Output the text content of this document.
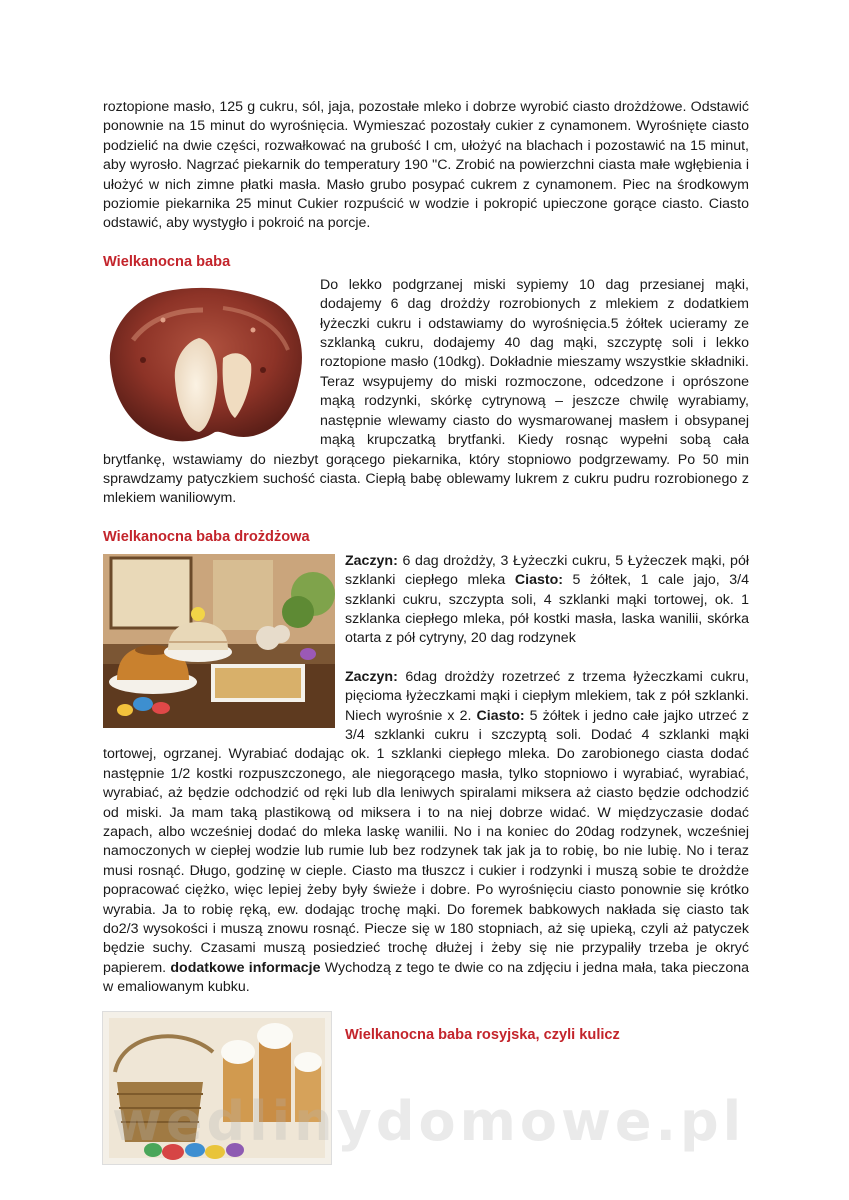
roztopione masło, 125 g cukru, sól, jaja, pozostałe mleko i dobrze wyrobić ciasto drożdżowe. Odstawić ponownie na 15 minut do wyrośnięcia. Wymieszać pozostały cukier z cynamonem. Wyrośnięte ciasto podzielić na dwie części, rozwałkować na grubość I cm, ułożyć na blachach i pozostawić na 15 minut, aby wyrosło. Nagrzać piekarnik do temperatury 190 "C. Zrobić na powierzchni ciasta małe wgłębienia i ułożyć w nich zimne płatki masła. Masło grubo posypać cukrem z cynamonem. Piec na środkowym poziomie piekarnika 25 minut Cukier rozpuścić w wodzie i pokropić upieczone gorące ciasto. Ciasto odstawić, aby wystygło i pokroić na porcje.

Wielkanocna baba

Do lekko podgrzanej miski sypiemy 10 dag przesianej mąki, dodajemy 6 dag drożdży rozrobionych z mlekiem z dodatkiem łyżeczki cukru i odstawiamy do wyrośnięcia.5 żółtek ucieramy ze szklanką cukru, dodajemy 40 dag mąki, szczyptę soli i lekko roztopione masło (10dkg). Dokładnie mieszamy wszystkie składniki. Teraz wsypujemy do miski rozmoczone, odcedzone i oprószone mąką rodzynki, skórkę cytrynową – jeszcze chwilę wyrabiamy, następnie wlewamy ciasto do wysmarowanej masłem i obsypanej mąką krupczatką brytfanki. Kiedy rosnąc wypełni sobą cała brytfankę, wstawiamy do niezbyt gorącego piekarnika, który stopniowo podgrzewamy. Po 50 min sprawdzamy patyczkiem suchość ciasta. Ciepłą babę oblewamy lukrem z cukru pudru rozrobionego z mlekiem waniliowym.

Wielkanocna baba drożdżowa

Zaczyn: 6 dag drożdży, 3 Łyżeczki cukru, 5 Łyżeczek mąki, pół szklanki ciepłego mleka Ciasto: 5 żółtek, 1 cale jajo, 3/4 szklanki cukru, szczypta soli, 4 szklanki mąki tortowej, ok. 1 szklanka ciepłego mleka, pół kostki masła, laska wanilii, skórka otarta z pół cytryny, 20 dag rodzynek

Zaczyn: 6dag drożdży rozetrzeć z trzema łyżeczkami cukru, pięcioma łyżeczkami mąki i ciepłym mlekiem, tak z pół szklanki. Niech wyrośnie x 2. Ciasto: 5 żółtek i jedno całe jajko utrzeć z 3/4 szklanki cukru i szczyptą soli. Dodać 4 szklanki mąki tortowej, ogrzanej. Wyrabiać dodając ok. 1 szklanki ciepłego mleka. Do zarobionego ciasta dodać następnie 1/2 kostki rozpuszczonego, ale niegorącego masła, tylko stopniowo i wyrabiać, wyrabiać, wyrabiać, aż będzie odchodzić od ręki lub dla leniwych spiralami miksera aż ciasto będzie odchodzić od miski. Ja mam taką plastikową od miksera i to na niej dobrze widać. W międzyczasie dodać zapach, albo wcześniej dodać do mleka laskę wanilii. No i na koniec do 20dag rodzynek, wcześniej namoczonych w ciepłej wodzie lub rumie lub bez rodzynek tak jak ja to robię, bo nie lubię. No i teraz musi rosnąć. Długo, godzinę w cieple. Ciasto ma tłuszcz i cukier i rodzynki i muszą sobie te drożdże popracować ciężko, więc lepiej żeby były świeże i dobre. Po wyrośnięciu ciasto ponownie się krótko wyrabia. Ja to robię ręką, ew. dodając trochę mąki. Do foremek babkowych nakłada się ciasto tak do2/3 wysokości i muszą znowu rosnąć. Piecze się w 180 stopniach, aż się upieką, czyli aż patyczek będzie suchy. Czasami muszą posiedzieć trochę dłużej i żeby się nie przypaliły trzeba je okryć papierem. dodatkowe informacje Wychodzą z tego te dwie co na zdjęciu i jedna mała, taka pieczona w emaliowanym kubku.

Wielkanocna baba rosyjska, czyli kulicz
wedlinydomowe.pl
